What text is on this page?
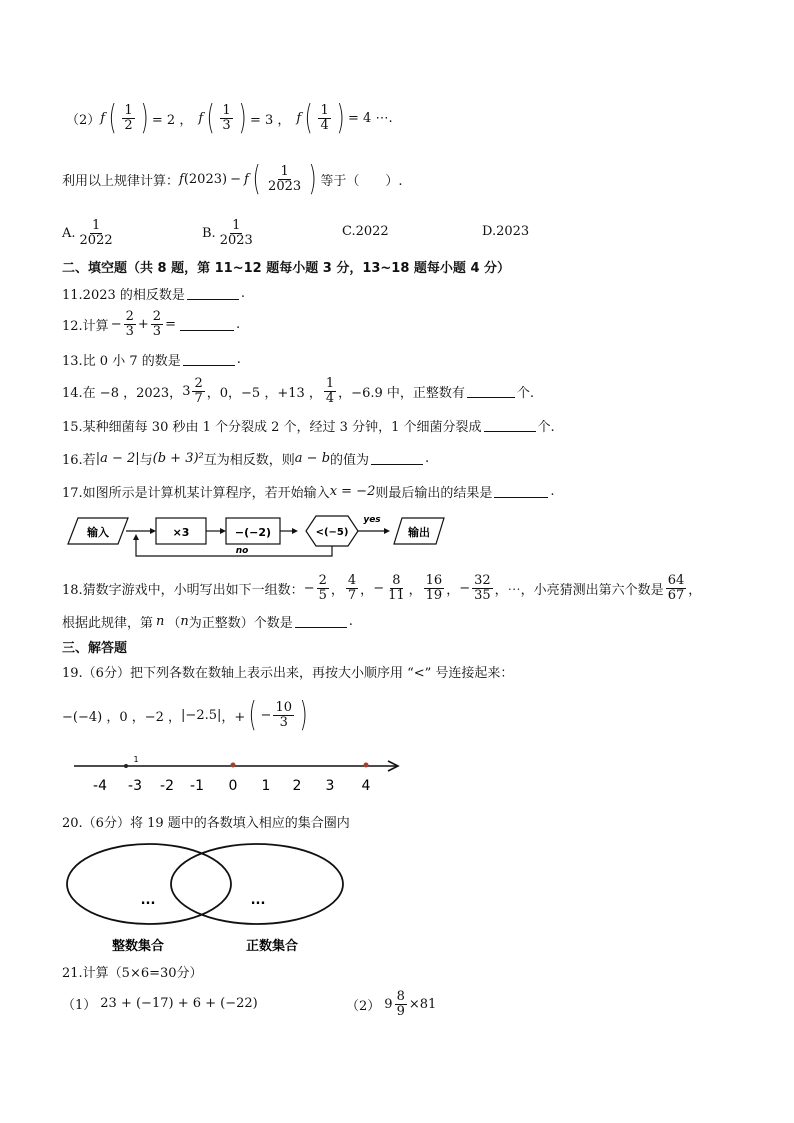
（2） f ( $\frac{1}{2}$ ) = 2 ， f ( $\frac{1}{3}$ ) = 3 ， f ( $\frac{1}{4}$ ) = 4 ⋯.
利用以上规律计算： f (2023) − f ( $\frac{1}{2023}$ ) 等于（　　）.
A. $\frac{1}{2022}$	B. $\frac{1}{2023}$	C.2022	D.2023
二、填空题（共 8 题，第 11~12 题每小题 3 分，13~18 题每小题 4 分）
11.2023 的相反数是	.
12.计算 − $\frac{2}{3} + \frac{2}{3}$ =	.
13.比 0 小 7 的数是	.
14.在 −8 ，2023， $3 \frac{2}{7}$ ，0，−5 ，+13 ， $\frac{1}{4}$ ，−6.9 中，正整数有	个.
15.某种细菌每 30 秒由 1 个分裂成 2 个，经过 3 分钟，1 个细菌分裂成	个.
16.若 |a − 2| 与 (b + 3)² 互为相反数，则 a − b 的值为	.
17.如图所示是计算机某计算程序，若开始输入 x = −2 则最后输出的结果是	.
输入	×3	−(−2)	<(−5)
yes
输出
no
18.猜数字游戏中，小明写出如下一组数： − $\frac{2}{5}$ ， $\frac{4}{7}$ ， − $\frac{8}{11}$ ， $\frac{16}{19}$ ， − $\frac{32}{35}$ ，⋯，小亮猜测出第六个数是 $\frac{64}{67}$ ，
根据此规律，第 n （ n 为正整数）个数是	.
三、解答题
19.（6分）把下列各数在数轴上表示出来，再按大小顺序用 “<” 号连接起来：
−(−4) ，0 ，−2 ， |−2.5| ，+ ( − $\frac{10}{3}$ )
1
-4 -3 -2 -1 0 1 2 3 4
20.（6分）将 19 题中的各数填入相应的集合圈内
...	...
整数集合	正数集合
21.计算（5×6=30分）
（1） 23 + (−17) + 6 + (−22)	（2） $9 \frac{8}{9} \times 81$
